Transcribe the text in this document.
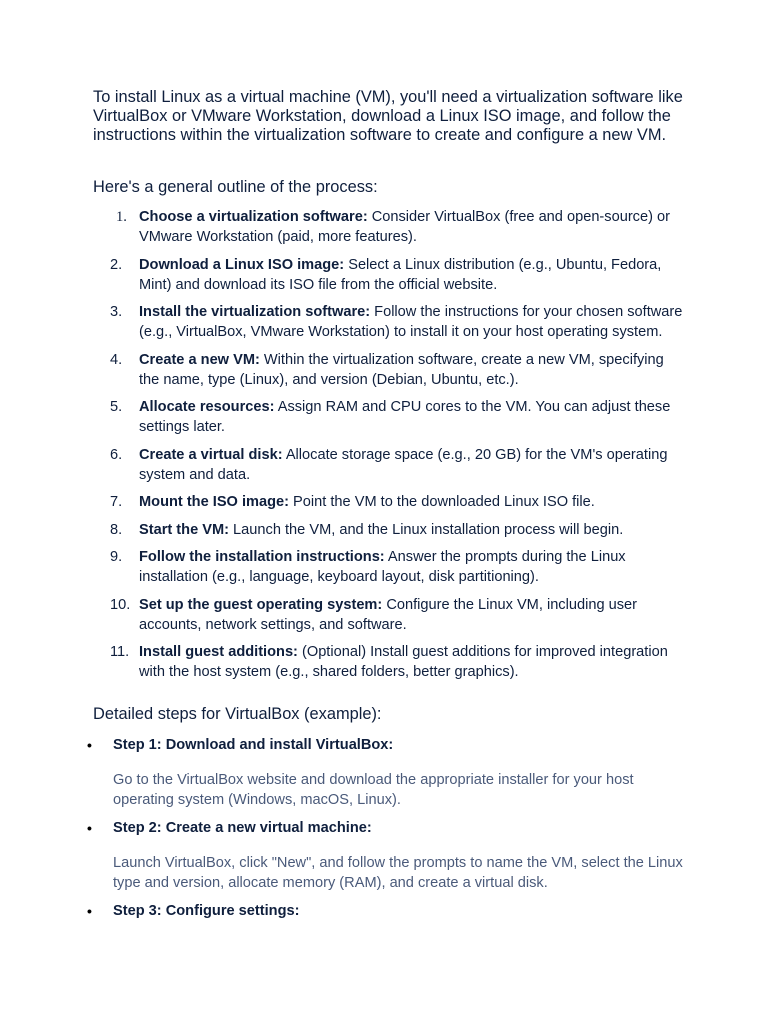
To install Linux as a virtual machine (VM), you'll need a virtualization software like VirtualBox or VMware Workstation, download a Linux ISO image, and follow the instructions within the virtualization software to create and configure a new VM.

Here's a general outline of the process:

1. Choose a virtualization software: Consider VirtualBox (free and open-source) or VMware Workstation (paid, more features).
2.	Download a Linux ISO image: Select a Linux distribution (e.g., Ubuntu, Fedora, Mint) and download its ISO file from the official website.
3.	Install the virtualization software: Follow the instructions for your chosen software (e.g., VirtualBox, VMware Workstation) to install it on your host operating system.
4.	Create a new VM: Within the virtualization software, create a new VM, specifying the name, type (Linux), and version (Debian, Ubuntu, etc.).
5.	Allocate resources: Assign RAM and CPU cores to the VM. You can adjust these settings later.
6.	Create a virtual disk: Allocate storage space (e.g., 20 GB) for the VM's operating system and data.
7.	Mount the ISO image: Point the VM to the downloaded Linux ISO file.
8.	Start the VM: Launch the VM, and the Linux installation process will begin.
9.	Follow the installation instructions: Answer the prompts during the Linux installation (e.g., language, keyboard layout, disk partitioning).
10. Set up the guest operating system: Configure the Linux VM, including user accounts, network settings, and software.
11. Install guest additions: (Optional) Install guest additions for improved integration with the host system (e.g., shared folders, better graphics).

Detailed steps for VirtualBox (example):

• Step 1: Download and install VirtualBox:

Go to the VirtualBox website and download the appropriate installer for your host operating system (Windows, macOS, Linux).

• Step 2: Create a new virtual machine:

Launch VirtualBox, click "New", and follow the prompts to name the VM, select the Linux type and version, allocate memory (RAM), and create a virtual disk.

• Step 3: Configure settings:
